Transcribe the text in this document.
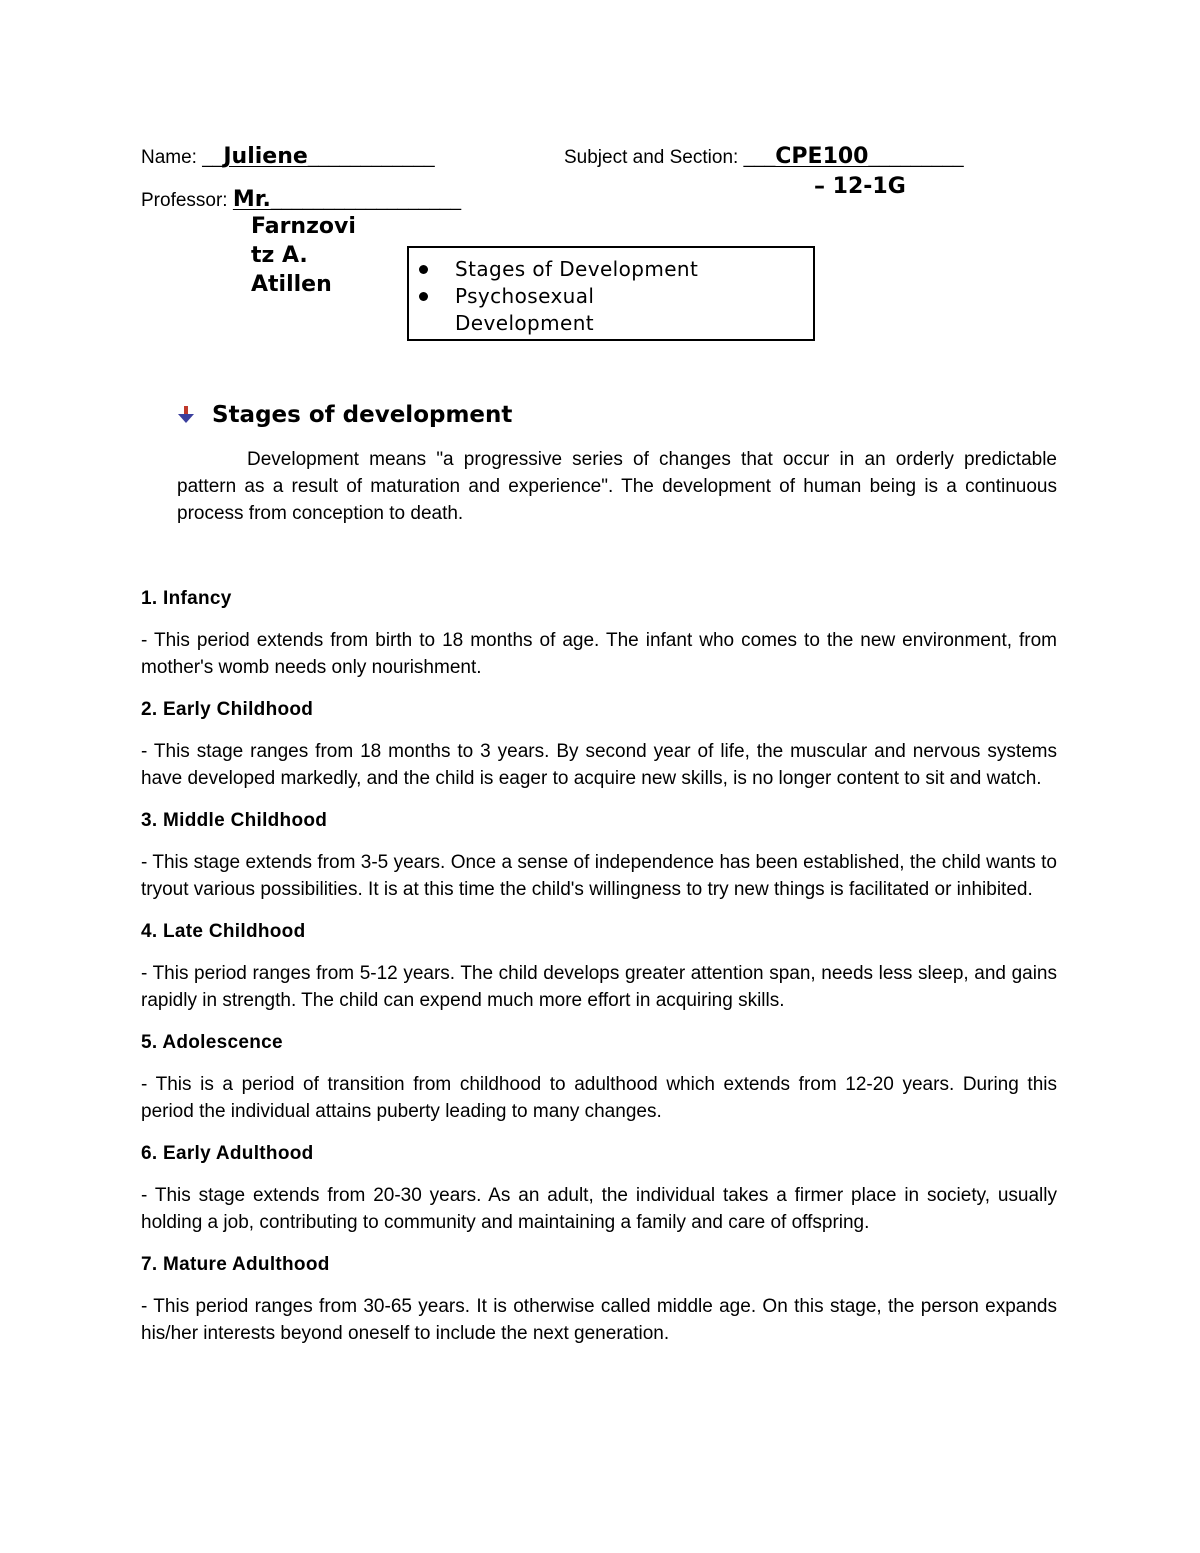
Name: __Juliene____________	Subject and Section: ___CPE100_________
– 12-1G
Professor: Mr.__________________
Farnzovi
tz A.
Atillen
Stages of Development
Psychosexual
Development
Stages of development

Development means "a progressive series of changes that occur in an orderly predictable pattern as a result of maturation and experience". The development of human being is a continuous process from conception to death.

1. Infancy

- This period extends from birth to 18 months of age. The infant who comes to the new environment, from mother's womb needs only nourishment.

2. Early Childhood

- This stage ranges from 18 months to 3 years. By second year of life, the muscular and nervous systems have developed markedly, and the child is eager to acquire new skills, is no longer content to sit and watch.

3. Middle Childhood

- This stage extends from 3-5 years. Once a sense of independence has been established, the child wants to tryout various possibilities. It is at this time the child's willingness to try new things is facilitated or inhibited.

4. Late Childhood

- This period ranges from 5-12 years. The child develops greater attention span, needs less sleep, and gains rapidly in strength. The child can expend much more effort in acquiring skills.

5. Adolescence

- This is a period of transition from childhood to adulthood which extends from 12-20 years. During this period the individual attains puberty leading to many changes.

6. Early Adulthood

- This stage extends from 20-30 years. As an adult, the individual takes a firmer place in society, usually holding a job, contributing to community and maintaining a family and care of offspring.

7. Mature Adulthood

- This period ranges from 30-65 years. It is otherwise called middle age. On this stage, the person expands his/her interests beyond oneself to include the next generation.
